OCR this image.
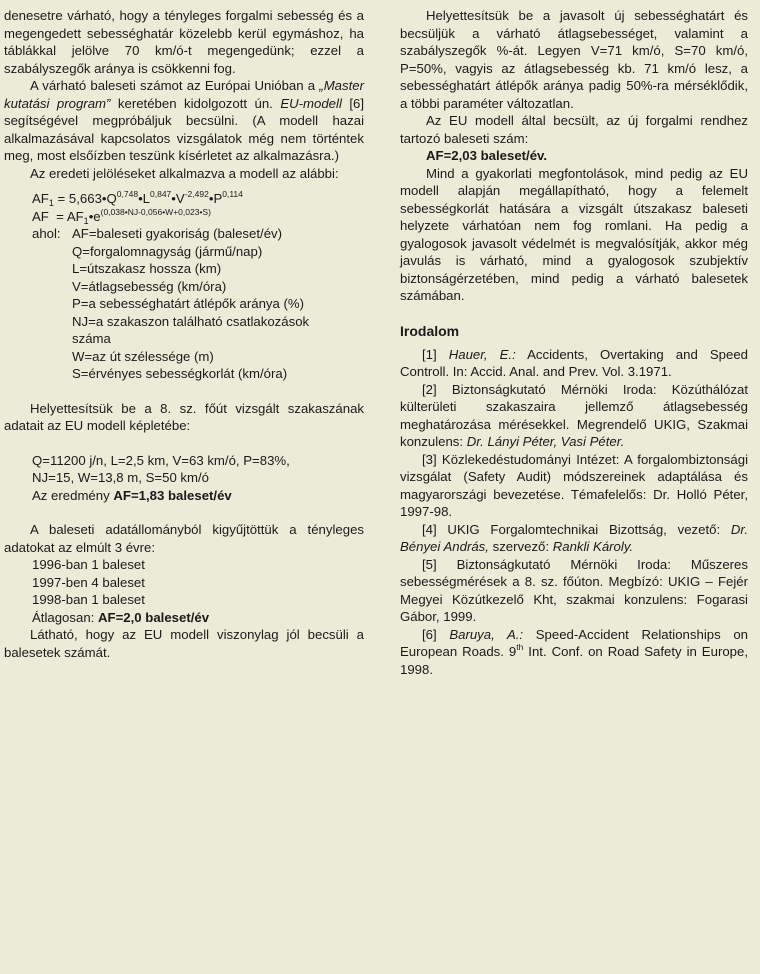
denesetre várható, hogy a tényleges forgalmi sebesség és a megengedett sebességhatár közelebb kerül egymáshoz, ha táblákkal jelölve 70 km/ó-t megengedünk; ezzel a szabályszegők aránya is csökkenni fog.

A várható baleseti számot az Európai Unióban a „Master kutatási program” keretében kidolgozott ún. EU-modell [6] segítségével megpróbáljuk becsülni. (A modell hazai alkalmazásával kapcsolatos vizsgálatok még nem történtek meg, most elsőízben teszünk kísérletet az alkalmazásra.)

Az eredeti jelöléseket alkalmazva a modell az alábbi:

$AF_1$ = $5,663•Q^{0,748}•L^{0,847}•V^{-2,492}•P^{0,114}$
AF  = $AF_1•e^{(0,038•NJ-0,056•W+0,023•S)}$
ahol: AF=baleseti gyakoriság (baleset/év)
Q=forgalomnagyság (jármű/nap)
L=útszakasz hossza (km)
V=átlagsebesség (km/óra)
P=a sebességhatárt átlépők aránya (%)
NJ=a szakaszon található csatlakozások
száma
W=az út szélessége (m)
S=érvényes sebességkorlát (km/óra)

Helyettesítsük be a 8. sz. főút vizsgált szakaszának adatait az EU modell képletébe:

Q=11200 j/n, L=2,5 km, V=63 km/ó, P=83%,
NJ=15, W=13,8 m, S=50 km/ó
Az eredmény AF=1,83 baleset/év

A baleseti adatállományból kigyűjtöttük a tényleges adatokat az elmúlt 3 évre:

1996-ban 1 baleset
1997-ben 4 baleset
1998-ban 1 baleset
Átlagosan: AF=2,0 baleset/év

Látható, hogy az EU modell viszonylag jól becsüli a balesetek számát.

Helyettesítsük be a javasolt új sebességhatárt és becsüljük a várható átlagsebességet, valamint a szabályszegők %-át. Legyen V=71 km/ó, S=70 km/ó, P=50%, vagyis az átlagsebesség kb. 71 km/ó lesz, a sebességhatárt átlépők aránya padig 50%-ra mérséklődik, a többi paraméter változatlan.

Az EU modell által becsült, az új forgalmi rendhez tartozó baleseti szám:

AF=2,03 baleset/év.

Mind a gyakorlati megfontolások, mind pedig az EU modell alapján megállapítható, hogy a felemelt sebességkorlát hatására a vizsgált útszakasz baleseti helyzete várhatóan nem fog romlani. Ha pedig a gyalogosok javasolt védelmét is megvalósítják, akkor még javulás is várható, mind a gyalogosok szubjektív biztonságérzetében, mind pedig a várható balesetek számában.

Irodalom

[1] Hauer, E.: Accidents, Overtaking and Speed Controll. In: Accid. Anal. and Prev. Vol. 3.1971.

[2] Biztonságkutató Mérnöki Iroda: Közúthálózat külterületi szakaszaira jellemző átlagsebesség meghatározása mérésekkel. Megrendelő UKIG, Szakmai konzulens: Dr. Lányi Péter, Vasi Péter.

[3] Közlekedéstudományi Intézet: A forgalombiztonsági vizsgálat (Safety Audit) módszereinek adaptálása és magyarországi bevezetése. Témafelelős: Dr. Holló Péter, 1997-98.

[4] UKIG Forgalomtechnikai Bizottság, vezető: Dr. Bényei András, szervező: Rankli Károly.

[5] Biztonságkutató Mérnöki Iroda: Műszeres sebességmérések a 8. sz. főúton. Megbízó: UKIG – Fejér Megyei Közútkezelő Kht, szakmai konzulens: Fogarasi Gábor, 1999.

[6] Baruya, A.: Speed-Accident Relationships on European Roads. 9th Int. Conf. on Road Safety in Europe, 1998.
